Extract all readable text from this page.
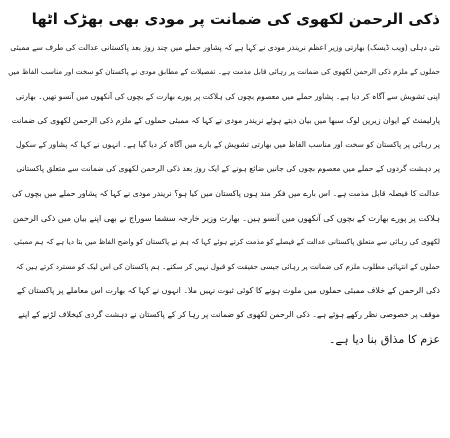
ذکی الرحمن لکھوی کی ضمانت پر مودی بھی بھڑک اٹھا
نئی دہلی (ویب ڈیسک) بھارتی وزیر اعظم نریندر مودی نے کہا ہے کہ پشاور حملے میں چند روز بعد پاکستانی عدالت کی طرف سے ممبئی
حملوں کے ملزم ذکی الرحمن لکھوی کی ضمانت پر رہائی قابل مذمت ہے۔ تفصیلات کے مطابق مودی نے پاکستان کو سخت اور مناسب الفاظ میں
اپنی تشویش سے آگاہ کر دیا ہے۔ پشاور حملے میں معصوم بچوں کی ہلاکت پر پورے بھارت کے بچوں کی آنکھوں میں آنسو تھیں۔ بھارتی
پارلیمنٹ کے ایوان زیریں لوک سبھا میں بیان دیتے ہوئے نریندر مودی نے کہا کہ ممبئی حملوں کے ملزم ذکی الرحمن لکھوی کی ضمانت
پر رہائی پر پاکستان کو سخت اور مناسب الفاظ میں بھارتی تشویش کے بارے میں آگاہ کر دیا گیا ہے۔ انہوں نے کہا کہ پشاور کے سکول
پر دہشت گردوں کے حملے میں معصوم بچوں کی جانیں ضائع ہونے کے ایک روز بعد ذکی الرحمن لکھوی کی ضمانت سے متعلق پاکستانی
عدالت کا فیصلہ قابل مذمت ہے۔ اس بارے میں فکر مند ہوں پاکستان میں کیا ہو؟ نریندر مودی نے کہا کہ پشاور حملے میں بچوں کی
ہلاکت پر پورے بھارت کے بچوں کی آنکھوں میں آنسو ہیں۔ بھارت وزیر خارجہ سشما سوراج نے بھی اپنے بیان میں ذکی الرحمن
لکھوی کی رہائی سے متعلق پاکستانی عدالت کے فیصلے کو مذمت کرتے ہوئے کہا کہ ہم نے پاکستان کو واضح الفاظ میں بتا دیا ہے کہ ہم ممبئی
حملوں کے انتہائی مطلوب ملزم کی ضمانت پر رہائی جیسی حقیقت کو قبول نہیں کر سکتے۔ ہم پاکستان کی اس لیک کو مسترد کرتے ہیں کہ
ذکی الرحمن کے خلاف ممبئی حملوں میں ملوث ہونے کا کوئی ثبوت نہیں ملا۔ انہوں نے کہا کہ بھارت اس معاملے پر پاکستان کے
موقف پر خصوصی نظر رکھے ہوئے ہے۔ ذکی الرحمن لکھوی کو ضمانت پر رہا کر کے پاکستان نے دہشت گردی کیخلاف لڑنے کے اپنے
عزم کا مذاق بنا دیا ہے۔
